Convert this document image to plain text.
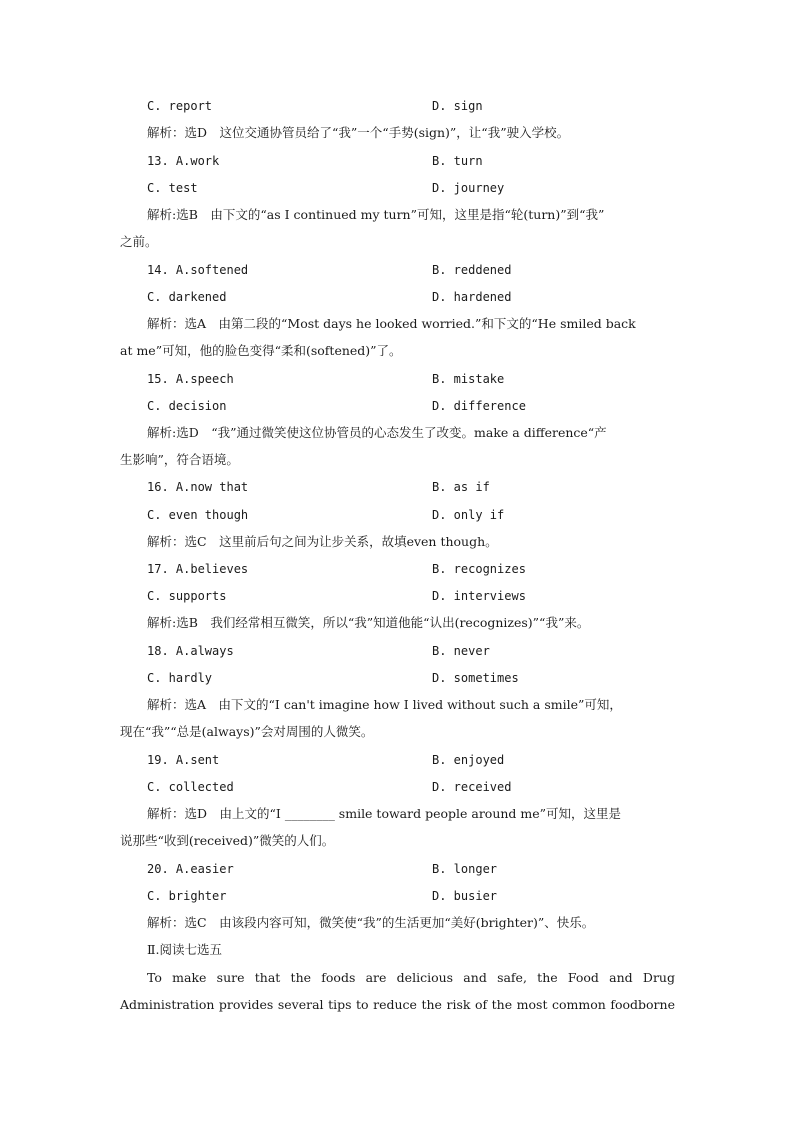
C. report	D. sign
解析：选D　这位交通协管员给了“我”一个“手势(sign)”，让“我”驶入学校。
13. A.work	B. turn
C. test	D. journey
解析:选B　由下文的“as I continued my turn”可知，这里是指“轮(turn)”到“我”
之前。
14. A.softened	B. reddened
C. darkened	D. hardened
解析：选A　由第二段的“Most days he looked worried.”和下文的“He smiled back
at me”可知，他的脸色变得“柔和(softened)”了。
15. A.speech	B. mistake
C. decision	D. difference
解析:选D　“我”通过微笑使这位协管员的心态发生了改变。make a difference“产
生影响”，符合语境。
16. A.now that	B. as if
C. even though	D. only if
解析：选C　这里前后句之间为让步关系，故填even though。
17. A.believes	B. recognizes
C. supports	D. interviews
解析:选B　我们经常相互微笑，所以“我”知道他能“认出(recognizes)”“我”来。
18. A.always	B. never
C. hardly	D. sometimes
解析：选A　由下文的“I can't imagine how I lived without such a smile”可知，
现在“我”“总是(always)”会对周围的人微笑。
19. A.sent	B. enjoyed
C. collected	D. received
解析：选D　由上文的“I ________ smile toward people around me”可知，这里是
说那些“收到(received)”微笑的人们。
20. A.easier	B. longer
C. brighter	D. busier
解析：选C　由该段内容可知，微笑使“我”的生活更加“美好(brighter)”、快乐。
Ⅱ.阅读七选五
To make sure that the foods are delicious and safe, the Food and Drug
Administration provides several tips to reduce the risk of the most common foodborne
